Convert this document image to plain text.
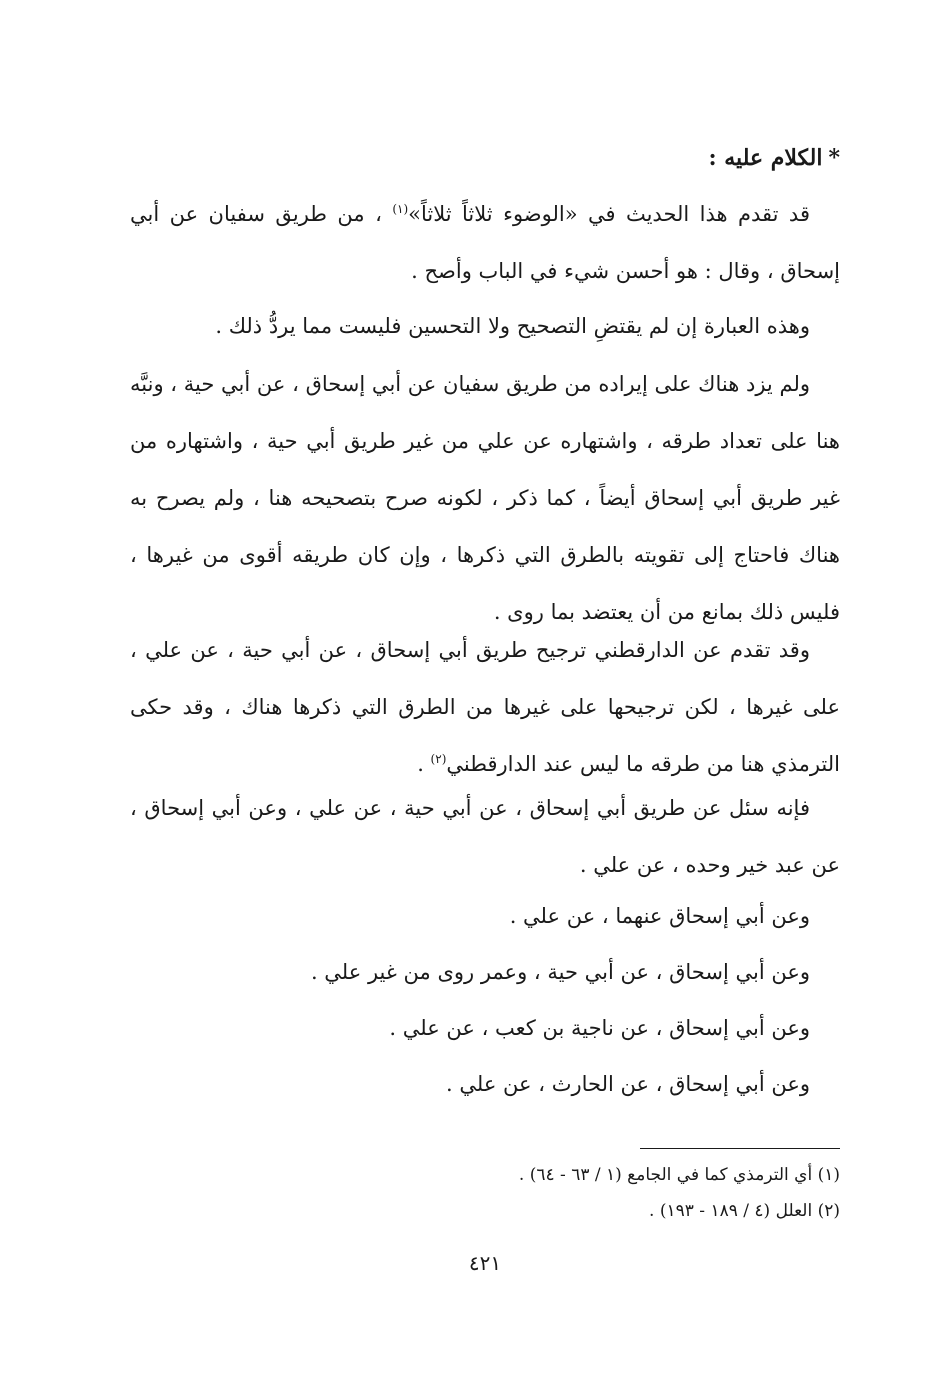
*الكلام عليه :
قد تقدم هذا الحديث في «الوضوء ثلاثاً ثلاثاً»$^{(١)}$ ، من طريق سفيان عن أبي إسحاق ، وقال : هو أحسن شيء في الباب وأصح .
وهذه العبارة إن لم يقتضِ التصحيح ولا التحسين فليست مما يردُّ ذلك .
ولم يزد هناك على إيراده من طريق سفيان عن أبي إسحاق ، عن أبي حية ، ونبَّه هنا على تعداد طرقه ، واشتهاره عن علي من غير طريق أبي حية ، واشتهاره من غير طريق أبي إسحاق أيضاً ، كما ذكر ، لكونه صرح بتصحيحه هنا ، ولم يصرح به هناك فاحتاج إلى تقويته بالطرق التي ذكرها ، وإن كان طريقه أقوى من غيرها ، فليس ذلك بمانع من أن يعتضد بما روى .
وقد تقدم عن الدارقطني ترجيح طريق أبي إسحاق ، عن أبي حية ، عن علي ، على غيرها ، لكن ترجيحها على غيرها من الطرق التي ذكرها هناك ، وقد حكى الترمذي هنا من طرقه ما ليس عند الدارقطني$^{(٢)}$ .
فإنه سئل عن طريق أبي إسحاق ، عن أبي حية ، عن علي ، وعن أبي إسحاق ، عن عبد خير وحده ، عن علي .
وعن أبي إسحاق عنهما ، عن علي .
وعن أبي إسحاق ، عن أبي حية ، وعمر روى من غير علي .
وعن أبي إسحاق ، عن ناجية بن كعب ، عن علي .
وعن أبي إسحاق ، عن الحارث ، عن علي .
(١) أي الترمذي كما في الجامع (١ / ٦٣ - ٦٤) .
(٢) العلل (٤ / ١٨٩ - ١٩٣) .
٤٢١
